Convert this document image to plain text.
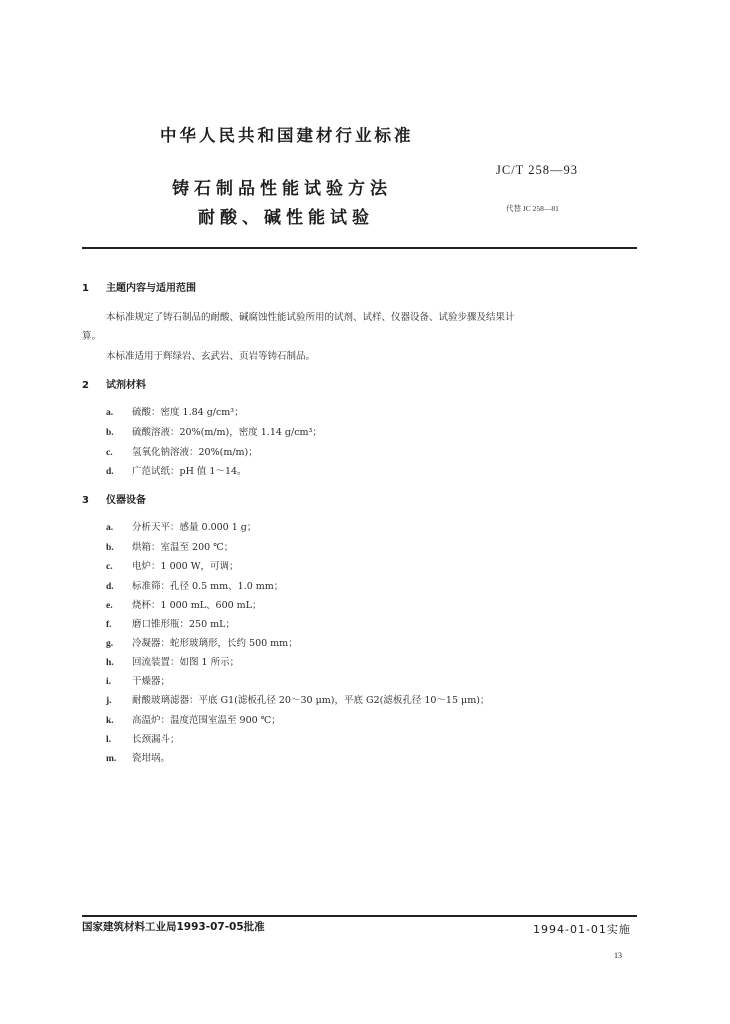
中华人民共和国建材行业标准
JC/T 258—93
铸石制品性能试验方法
耐酸、碱性能试验	代替 JC 258—81
1 主题内容与适用范围
本标准规定了铸石制品的耐酸、碱腐蚀性能试验所用的试剂、试样、仪器设备、试验步骤及结果计
算。
本标准适用于辉绿岩、玄武岩、页岩等铸石制品。
2 试剂材料
a. 硫酸：密度 1.84 g/cm³；
b. 硫酸溶液：20%(m/m)，密度 1.14 g/cm³；
c. 氢氧化钠溶液：20%(m/m)；
d. 广范试纸：pH 值 1～14。
3 仪器设备
a. 分析天平：感量 0.000 1 g；
b. 烘箱：室温至 200 ℃；
c. 电炉：1 000 W，可调；
d. 标准筛：孔径 0.5 mm、1.0 mm；
e. 烧杯：1 000 mL、600 mL；
f. 磨口锥形瓶：250 mL；
g. 冷凝器：蛇形玻璃形，长约 500 mm；
h. 回流装置：如图 1 所示；
i. 干燥器；
j. 耐酸玻璃滤器：平底 G1(滤板孔径 20～30 μm)，平底 G2(滤板孔径 10～15 μm)；
k. 高温炉：温度范围室温至 900 ℃；
l. 长颈漏斗；
m. 瓷坩埚。
国家建筑材料工业局1993-07-05批准	1994-01-01实施
13
